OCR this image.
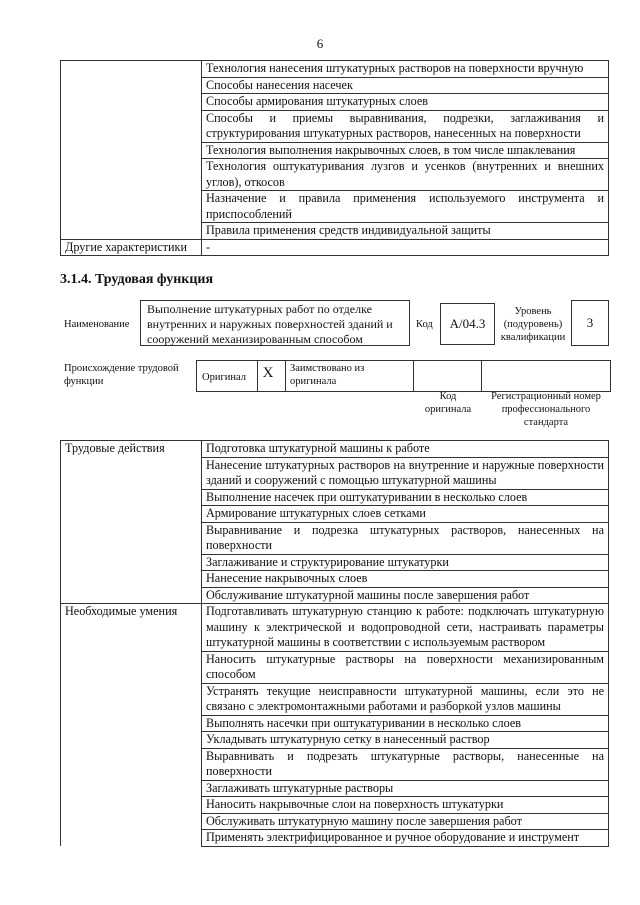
6
	Технология нанесения штукатурных растворов на поверхности вручную
	Способы нанесения насечек
	Способы армирования штукатурных слоев
	Способы и приемы выравнивания, подрезки, заглаживания и структурирования штукатурных растворов, нанесенных на поверхности
	Технология выполнения накрывочных слоев, в том числе шпаклевания
	Технология оштукатуривания лузгов и усенков (внутренних и внешних углов), откосов
	Назначение и правила применения используемого инструмента и приспособлений
	Правила применения средств индивидуальной защиты
Другие характеристики	-
3.1.4. Трудовая функция
Наименование
Выполнение штукатурных работ по отделке внутренних и наружных поверхностей зданий и сооружений механизированным способом
Код	A/04.3
Уровень (подуровень) квалификации
3
Происхождение трудовой функции	Оригинал	X	Заимствовано из оригинала
Код оригинала
Регистрационный номер профессионального стандарта
Трудовые действия	Подготовка штукатурной машины к работе
	Нанесение штукатурных растворов на внутренние и наружные поверхности зданий и сооружений с помощью штукатурной машины
	Выполнение насечек при оштукатуривании в несколько слоев
	Армирование штукатурных слоев сетками
	Выравнивание и подрезка штукатурных растворов, нанесенных на поверхности
	Заглаживание и структурирование штукатурки
	Нанесение накрывочных слоев
	Обслуживание штукатурной машины после завершения работ
Необходимые умения	Подготавливать штукатурную станцию к работе: подключать штукатурную машину к электрической и водопроводной сети, настраивать параметры штукатурной машины в соответствии с используемым раствором
	Наносить штукатурные растворы на поверхности механизированным способом
	Устранять текущие неисправности штукатурной машины, если это не связано с электромонтажными работами и разборкой узлов машины
	Выполнять насечки при оштукатуривании в несколько слоев
	Укладывать штукатурную сетку в нанесенный раствор
	Выравнивать и подрезать штукатурные растворы, нанесенные на поверхности
	Заглаживать штукатурные растворы
	Наносить накрывочные слои на поверхность штукатурки
	Обслуживать штукатурную машину после завершения работ
	Применять электрифицированное и ручное оборудование и инструмент
